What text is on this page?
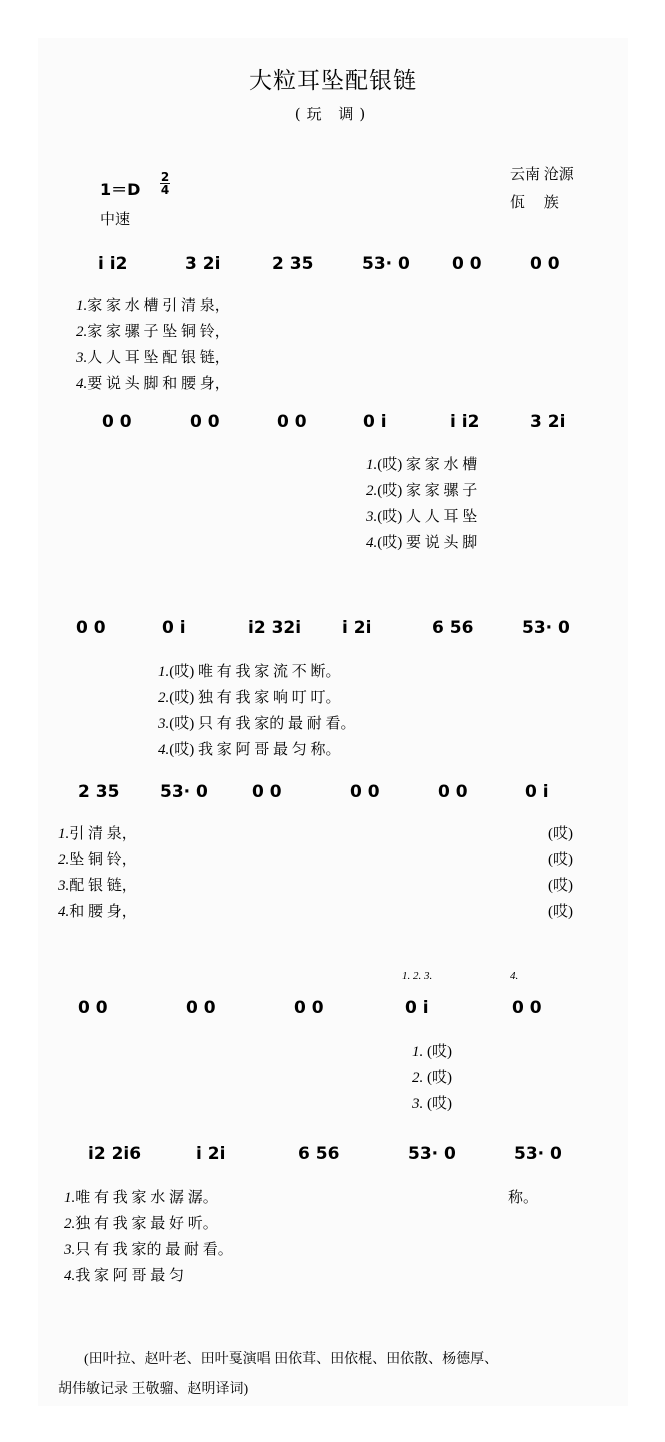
大粒耳坠配银链
(玩 调)
1＝D
2
4
中速
云南 沧源
佤     族
i i2	3 2i	2 35	53· 0 0 0	0 0
1.家 家 水 槽 引 清 泉，
2.家 家 骡 子 坠 铜 铃，
3.人 人 耳 坠 配 银 链，
4.要 说 头 脚 和 腰 身，
0 0	0 0	0 0	0 i	i i2	3 2i
1.(哎) 家 家 水 槽
2.(哎) 家 家 骡 子
3.(哎) 人 人 耳 坠
4.(哎) 要 说 头 脚
0 0	0 i	i2 32i i 2i	6 56	53· 0
1.(哎) 唯 有 我 家 流 不 断。
2.(哎) 独 有 我 家 响 叮 叮。
3.(哎) 只 有 我 家的 最 耐 看。
4.(哎) 我 家 阿 哥 最 匀 称。
2 35 53· 0	0 0	0 0	0 0	0 i
1.引 清 泉，
2.坠 铜 铃，
3.配 银 链，
4.和 腰 身，
(哎)
(哎)
(哎)
(哎)
1. 2. 3.	4.
0 0	0 0	0 0	0 i	0 0
1. (哎)
2. (哎)
3. (哎)
i2 2i6	i 2i	6 56	53· 0	53· 0
1.唯 有 我 家 水 潺 潺。
2.独 有 我 家 最 好 听。
3.只 有 我 家的 最 耐 看。
4.我 家 阿 哥 最 匀
称。
(田叶拉、赵叶老、田叶戛演唱 田依茸、田依棍、田依散、杨德厚、
胡伟敏记录 王敬骝、赵明译词)
